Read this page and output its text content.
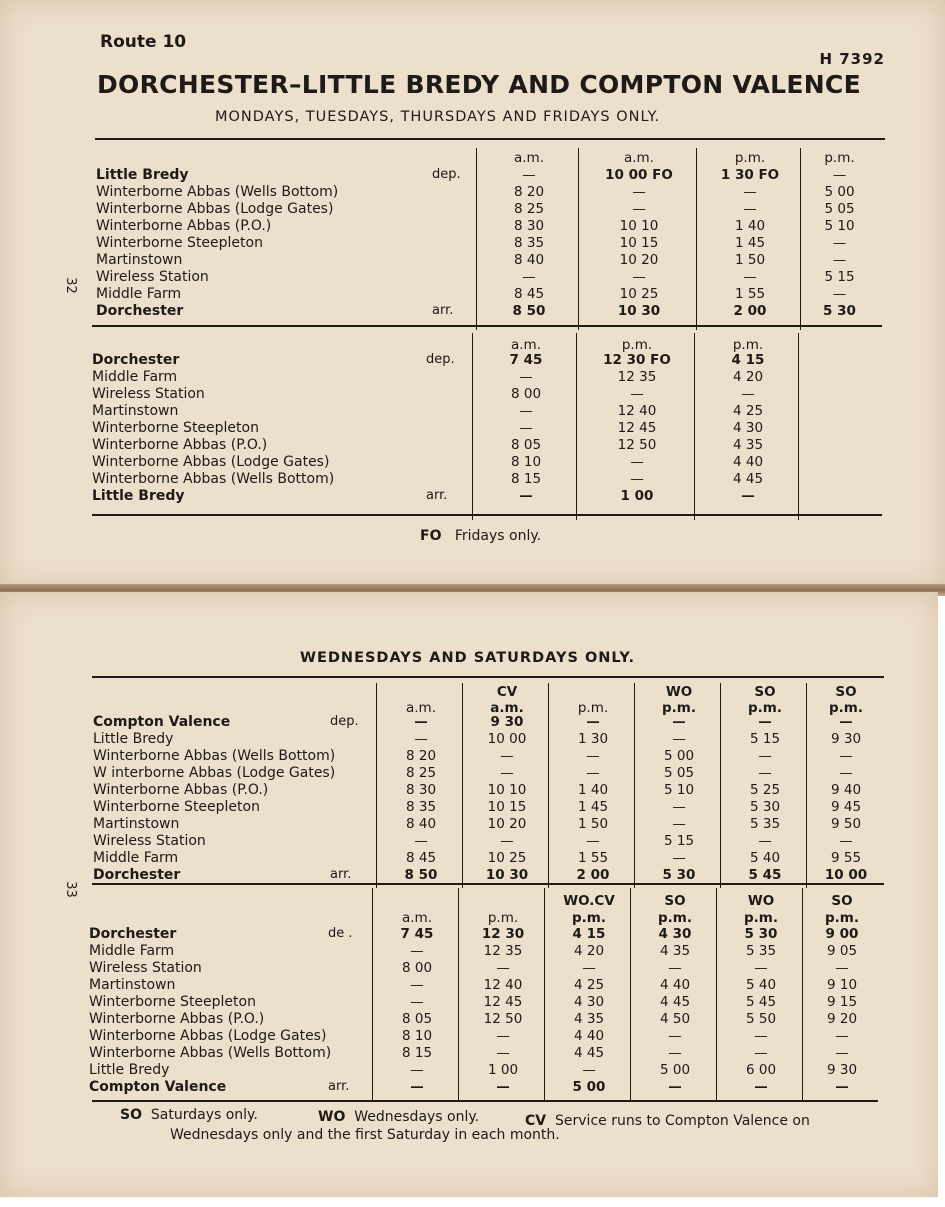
Route 10
H 7392
DORCHESTER–LITTLE BREDY AND COMPTON VALENCE
MONDAYS, TUESDAYS, THURSDAYS AND FRIDAYS ONLY.
32
33
WEDNESDAYS AND SATURDAYS ONLY.
Little Bredy
Winterborne Abbas (Wells Bottom)
Winterborne Abbas (Lodge Gates)
Winterborne Abbas (P.O.)
Winterborne Steepleton
Martinstown
Wireless Station
Middle Farm
Dorchester
dep.
arr.
a.m.
—
8 20
8 25
8 30
8 35
8 40
—
8 45
8 50
a.m.
10 00 FO
—
—
10 10
10 15
10 20
—
10 25
10 30
p.m.
1 30 FO
—
—
1 40
1 45
1 50
—
1 55
2 00
p.m.
—
5 00
5 05
5 10
—
—
5 15
—
5 30
Dorchester
Middle Farm
Wireless Station
Martinstown
Winterborne Steepleton
Winterborne Abbas (P.O.)
Winterborne Abbas (Lodge Gates)
Winterborne Abbas (Wells Bottom)
Little Bredy
dep.
arr.
a.m.
7 45
—
8 00
—
—
8 05
8 10
8 15
—
p.m.
12 30 FO
12 35
—
12 40
12 45
12 50
—
—
1 00
p.m.
4 15
4 20
—
4 25
4 30
4 35
4 40
4 45
—
Compton Valence
Little Bredy
Winterborne Abbas (Wells Bottom)
W interborne Abbas (Lodge Gates)
Winterborne Abbas (P.O.)
Winterborne Steepleton
Martinstown
Wireless Station
Middle Farm
Dorchester
dep.
arr.
a.m.
—
—
8 20
8 25
8 30
8 35
8 40
—
8 45
8 50
CV
a.m.
9 30
10 00
—
—
10 10
10 15
10 20
—
10 25
10 30
p.m.
—
1 30
—
—
1 40
1 45
1 50
—
1 55
2 00
WO
p.m.
—
—
5 00
5 05
5 10
—
—
5 15
—
5 30
SO
p.m.
—
5 15
—
—
5 25
5 30
5 35
—
5 40
5 45
SO
p.m.
—
9 30
—
—
9 40
9 45
9 50
—
9 55
10 00
Dorchester
Middle Farm
Wireless Station
Martinstown
Winterborne Steepleton
Winterborne Abbas (P.O.)
Winterborne Abbas (Lodge Gates)
Winterborne Abbas (Wells Bottom)
Little Bredy
Compton Valence
de .
arr.
a.m.
7 45
—
8 00
—
—
8 05
8 10
8 15
—
—
p.m.
12 30
12 35
—
12 40
12 45
12 50
—
—
1 00
—
WO.CV
p.m.
4 15
4 20
—
4 25
4 30
4 35
4 40
4 45
—
5 00
SO
p.m.
4 30
4 35
—
4 40
4 45
4 50
—
—
5 00
—
WO
p.m.
5 30
5 35
—
5 40
5 45
5 50
—
—
6 00
—
SO
p.m.
9 00
9 05
—
9 10
9 15
9 20
—
—
9 30
—
FO Fridays only.
SO Saturdays only.	WO Wednesdays only.	CV Service runs to Compton Valence on
Wednesdays only and the first Saturday in each month.
